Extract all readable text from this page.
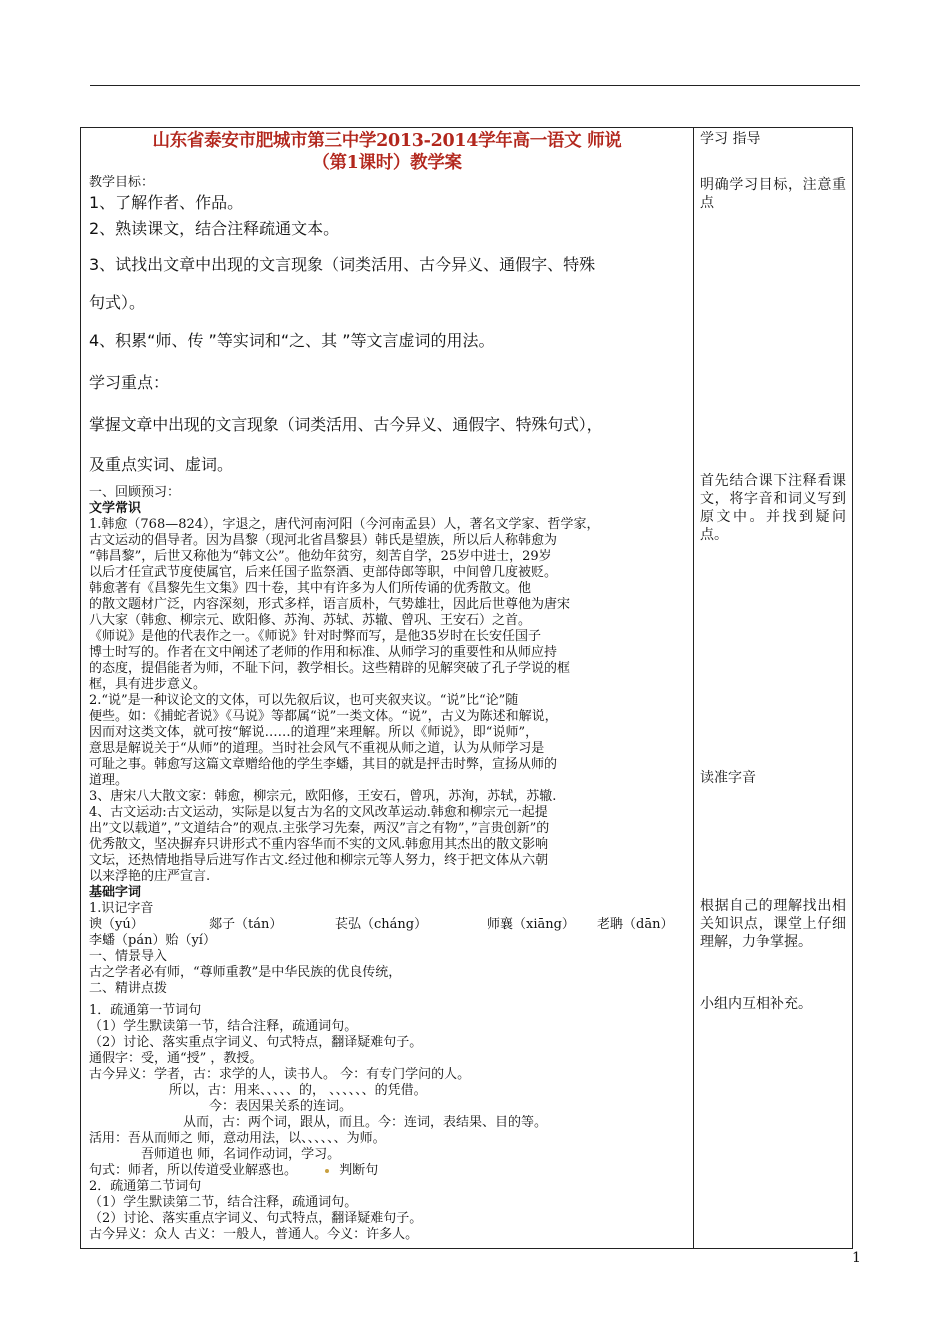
山东省泰安市肥城市第三中学2013-2014学年高一语文 师说
（第1课时）教学案
教学目标：
1、了解作者、作品。
2、熟读课文，结合注释疏通文本。
3、试找出文章中出现的文言现象（词类活用、古今异义、通假字、特殊
句式）。
4、积累“师、传 ”等实词和“之、其 ”等文言虚词的用法。
学习重点：
掌握文章中出现的文言现象（词类活用、古今异义、通假字、特殊句式），
及重点实词、虚词。
一、回顾预习：
文学常识
1.韩愈（768—824），字退之，唐代河南河阳（今河南孟县）人，著名文学家、哲学家，
古文运动的倡导者。因为昌黎（现河北省昌黎县）韩氏是望族，所以后人称韩愈为
“韩昌黎”，后世又称他为“韩文公”。他幼年贫穷，刻苦自学，25岁中进士，29岁
以后才任宣武节度使属官，后来任国子监祭酒、吏部侍郎等职，中间曾几度被贬。
韩愈著有《昌黎先生文集》四十卷，其中有许多为人们所传诵的优秀散文。他
的散文题材广泛，内容深刻，形式多样，语言质朴，气势雄壮，因此后世尊他为唐宋
八大家（韩愈、柳宗元、欧阳修、苏洵、苏轼、苏辙、曾巩、王安石）之首。
《师说》是他的代表作之一。《师说》针对时弊而写，是他35岁时在长安任国子
博士时写的。作者在文中阐述了老师的作用和标准、从师学习的重要性和从师应持
的态度，提倡能者为师，不耻下问，教学相长。这些精辟的见解突破了孔子学说的框
框，具有进步意义。
2.“说”是一种议论文的文体，可以先叙后议，也可夹叙夹议。“说”比“论”随
便些。如：《捕蛇者说》《马说》等都属“说”一类文体。“说”，古义为陈述和解说，
因而对这类文体，就可按“解说……的道理”来理解。所以《师说》，即“说师”，
意思是解说关于“从师”的道理。当时社会风气不重视从师之道，认为从师学习是
可耻之事。韩愈写这篇文章赠给他的学生李蟠，其目的就是抨击时弊，宣扬从师的
道理。
3、唐宋八大散文家：韩愈，柳宗元，欧阳修，王安石，曾巩，苏洵，苏轼，苏辙.
4、古文运动:古文运动，实际是以复古为名的文风改革运动.韩愈和柳宗元一起提
出”文以载道”，”文道结合”的观点.主张学习先秦，两汉”言之有物”，”言贵创新”的
优秀散文，坚决摒弃只讲形式不重内容华而不实的文风.韩愈用其杰出的散文影响
文坛，还热情地指导后进写作古文.经过他和柳宗元等人努力，终于把文体从六朝
以来浮艳的庄严宣言.
基础字词
1.识记字音
谀（yú）	郯子（tán）	苌弘（cháng）	师襄（xiāng）	老聃（dān）
李蟠（pán）贻（yí）
一、情景导入
古之学者必有师，“尊师重教”是中华民族的优良传统，
二、精讲点拨
1．疏通第一节词句
（1）学生默读第一节，结合注释，疏通词句。
（2）讨论、落实重点字词义、句式特点，翻译疑难句子。
通假字：受，通“授” ，教授。
古今异义：学者，古：求学的人，读书人。 今：有专门学问的人。
所以，古：用来、、、、、的， 、、、、、、的凭借。
今：表因果关系的连词。
从而，古：两个词，跟从，而且。今：连词，表结果、目的等。
活用：吾从而师之 师，意动用法，以、、、、、、为师。
吾师道也 师，名词作动词，学习。
句式：师者，所以传道受业解惑也。	判断句
2．疏通第二节词句
（1）学生默读第二节，结合注释，疏通词句。
（2）讨论、落实重点字词义、句式特点，翻译疑难句子。
古今异义：众人 古义：一般人，普通人。今义：许多人。

学习 指导
明确学习目标，注意重点
首先结合课下注释看课文，将字音和词义写到原文中。并找到疑问点。
读准字音
根据自己的理解找出相关知识点，课堂上仔细理解，力争掌握。
小组内互相补充。
1
